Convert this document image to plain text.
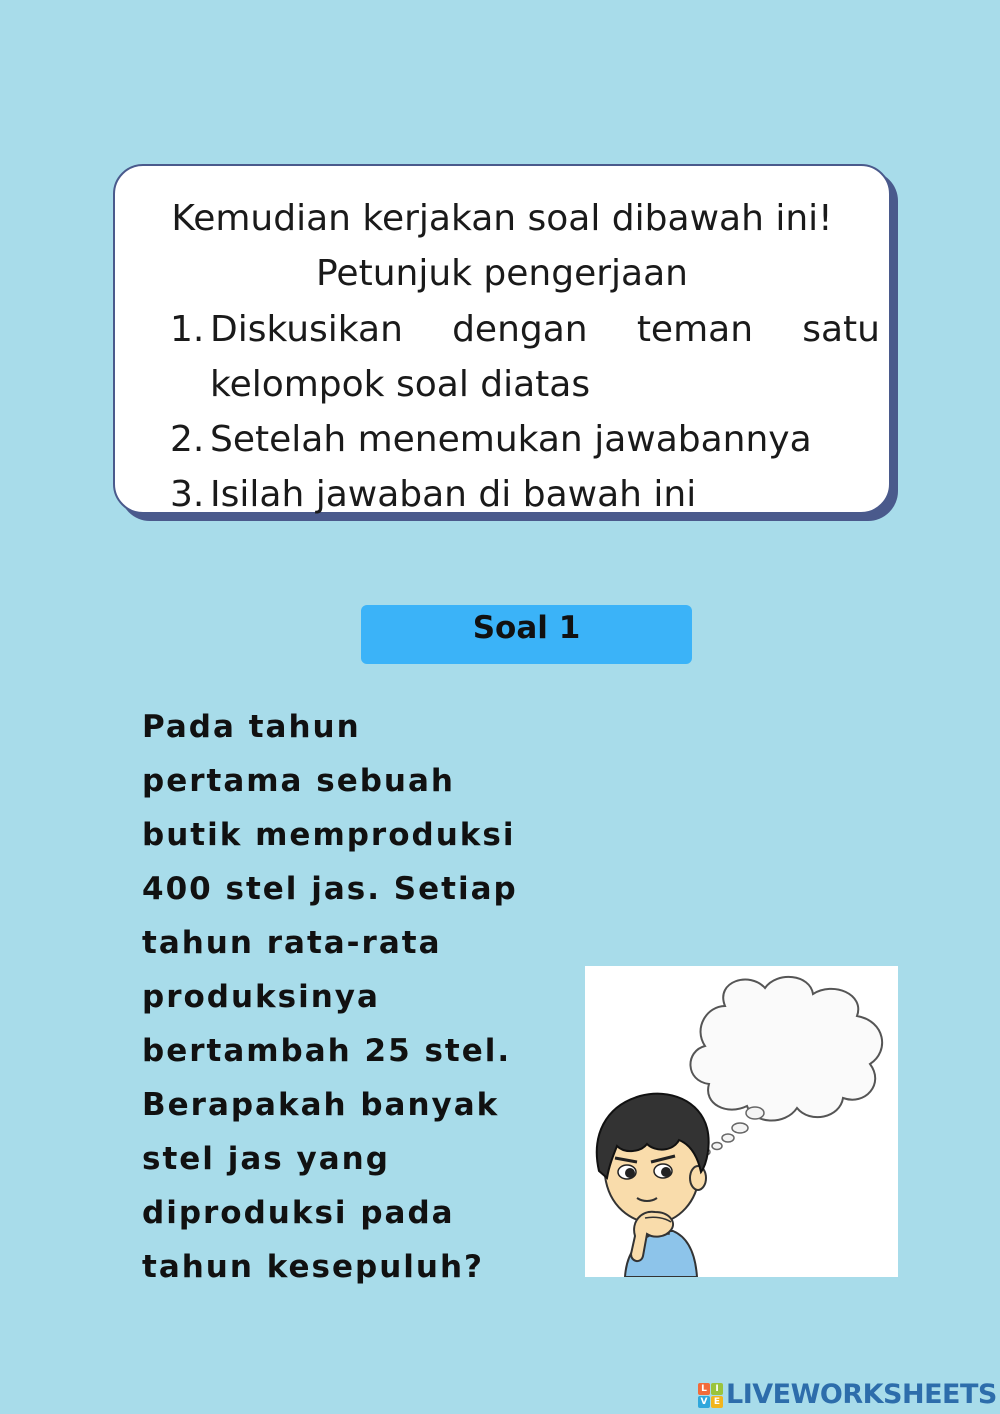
Kemudian kerjakan soal dibawah ini!
Petunjuk pengerjaan
1. Diskusikan dengan teman satu
kelompok soal diatas
2. Setelah menemukan jawabannya
3. Isilah jawaban di bawah ini
Soal 1
Pada tahun
pertama sebuah
butik memproduksi
400 stel jas. Setiap
tahun rata-rata
produksinya
bertambah 25 stel.
Berapakah banyak
stel jas yang
diproduksi pada
tahun kesepuluh?
L I
V E LIVEWORKSHEETS
